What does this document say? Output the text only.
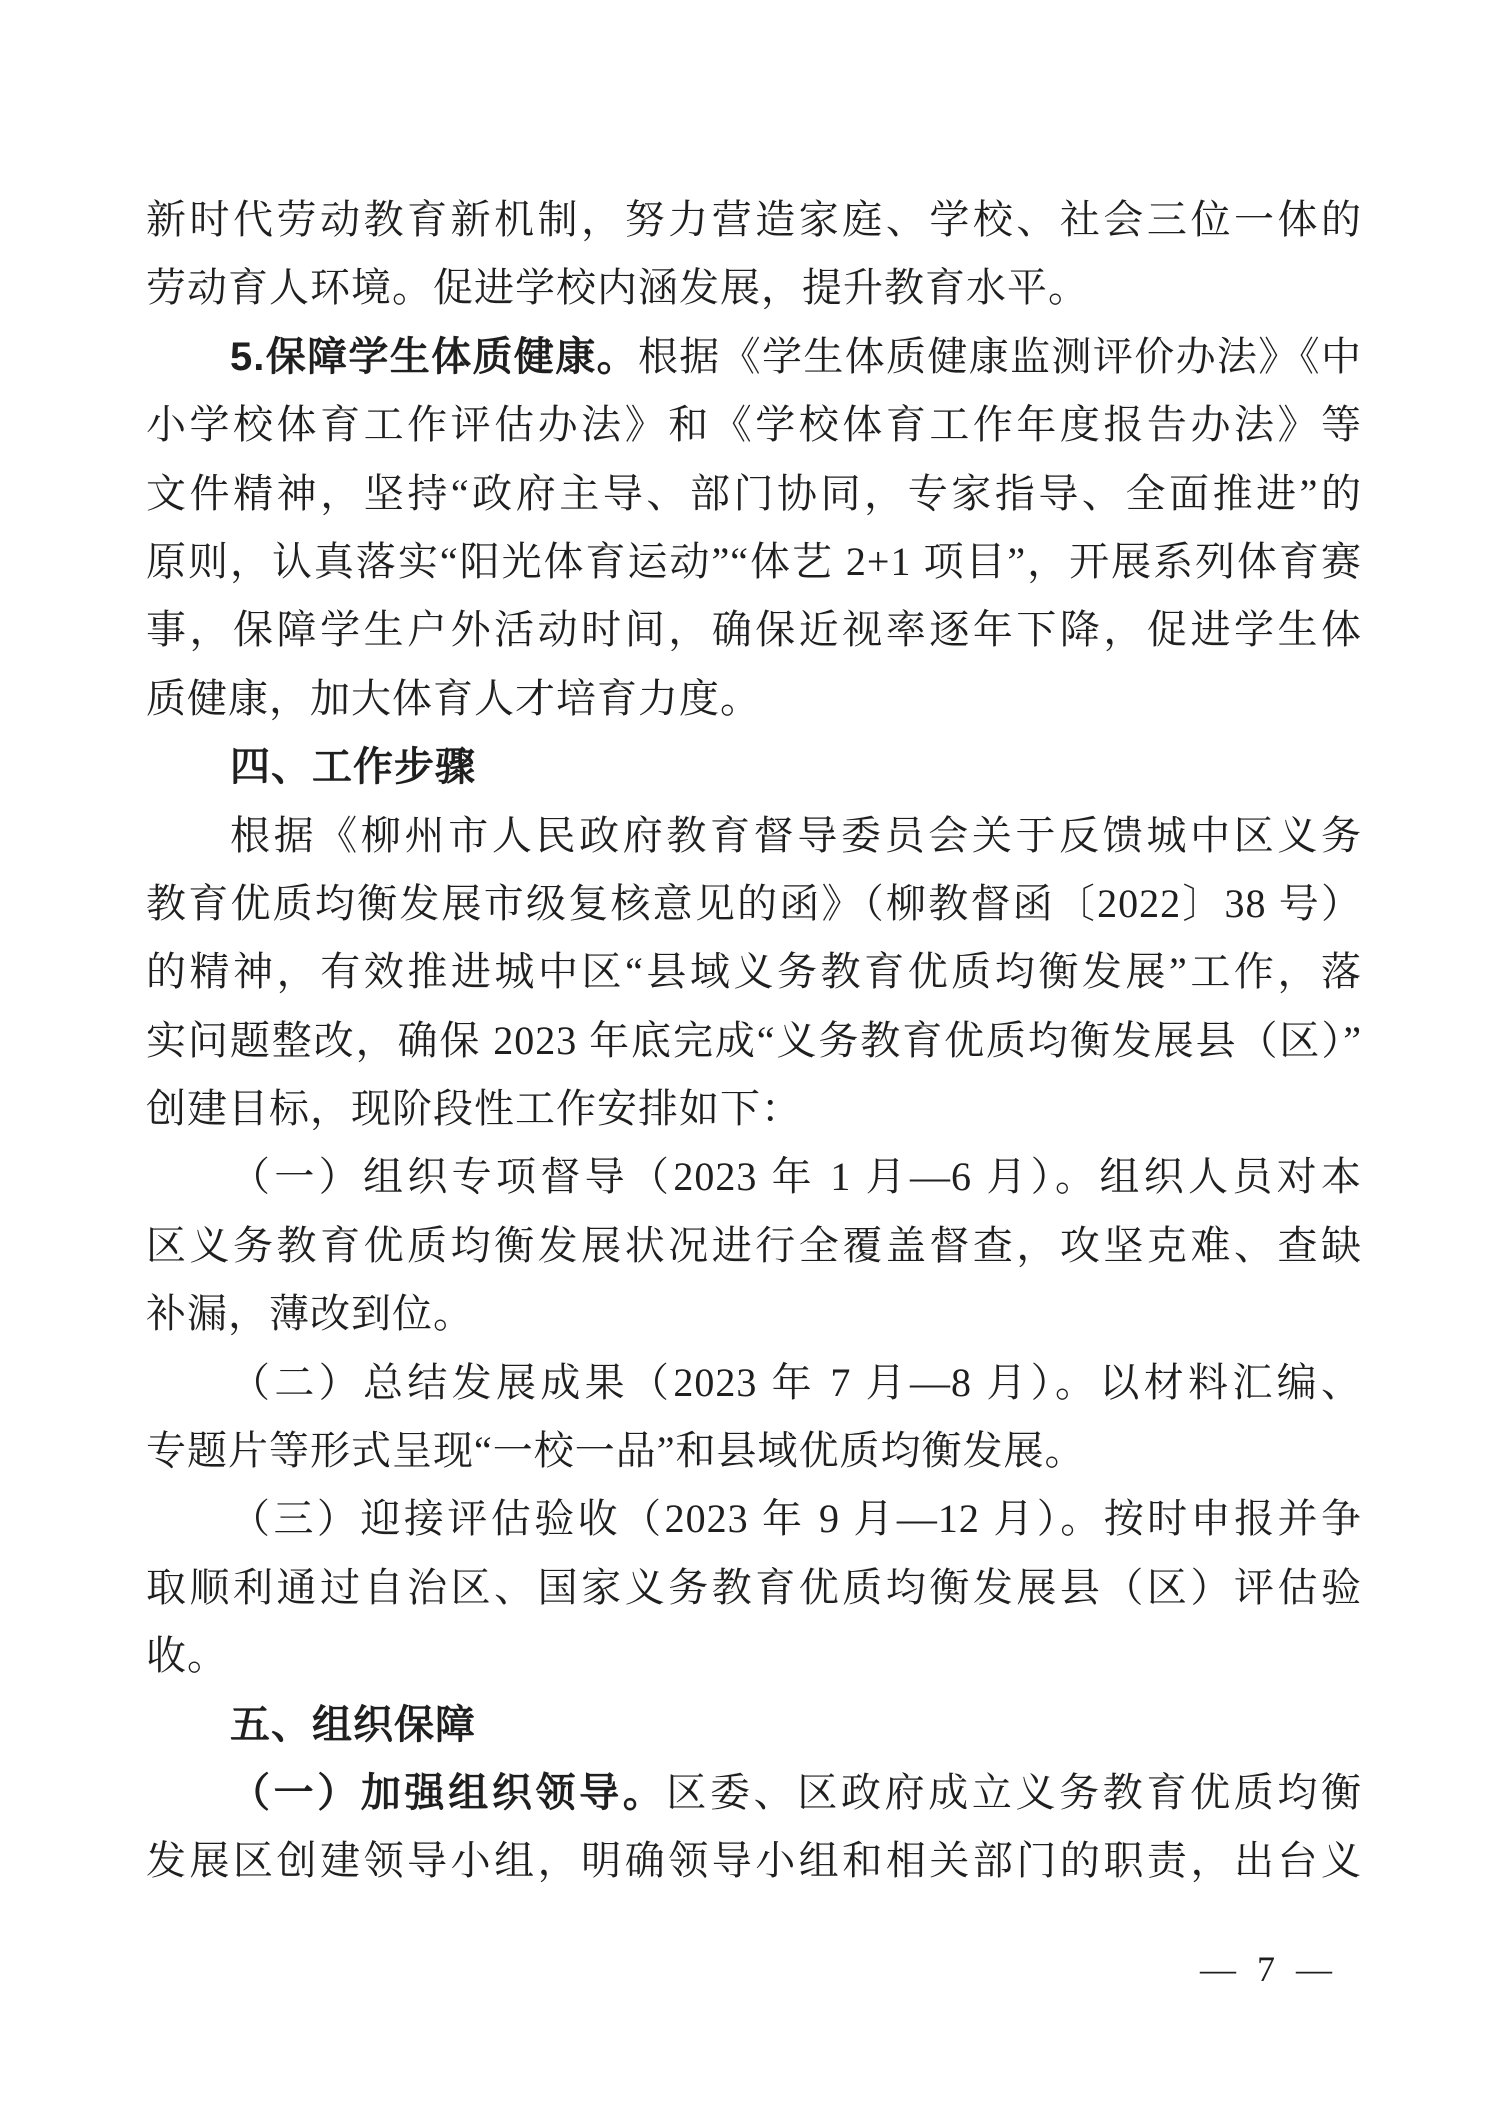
新时代劳动教育新机制，努力营造家庭、学校、社会三位一体的
劳动育人环境。促进学校内涵发展，提升教育水平。
5.保障学生体质健康。根据《学生体质健康监测评价办法》《中
小学校体育工作评估办法》和《学校体育工作年度报告办法》等
文件精神，坚持“政府主导、部门协同，专家指导、全面推进”的
原则，认真落实“阳光体育运动”“体艺 2+1 项目”，开展系列体育赛
事，保障学生户外活动时间，确保近视率逐年下降，促进学生体
质健康，加大体育人才培育力度。
四、工作步骤
根据《柳州市人民政府教育督导委员会关于反馈城中区义务
教育优质均衡发展市级复核意见的函》（柳教督函〔2022〕38 号）
的精神，有效推进城中区“县域义务教育优质均衡发展”工作，落
实问题整改，确保 2023 年底完成“义务教育优质均衡发展县（区）”
创建目标，现阶段性工作安排如下：
（一）组织专项督导（2023 年 1 月—6 月）。组织人员对本
区义务教育优质均衡发展状况进行全覆盖督查，攻坚克难、查缺
补漏，薄改到位。
（二）总结发展成果（2023 年 7 月—8 月）。以材料汇编、
专题片等形式呈现“一校一品”和县域优质均衡发展。
（三）迎接评估验收（2023 年 9 月—12 月）。按时申报并争
取顺利通过自治区、国家义务教育优质均衡发展县（区）评估验
收。
五、组织保障
（一）加强组织领导。区委、区政府成立义务教育优质均衡
发展区创建领导小组，明确领导小组和相关部门的职责，出台义
— 7 —
